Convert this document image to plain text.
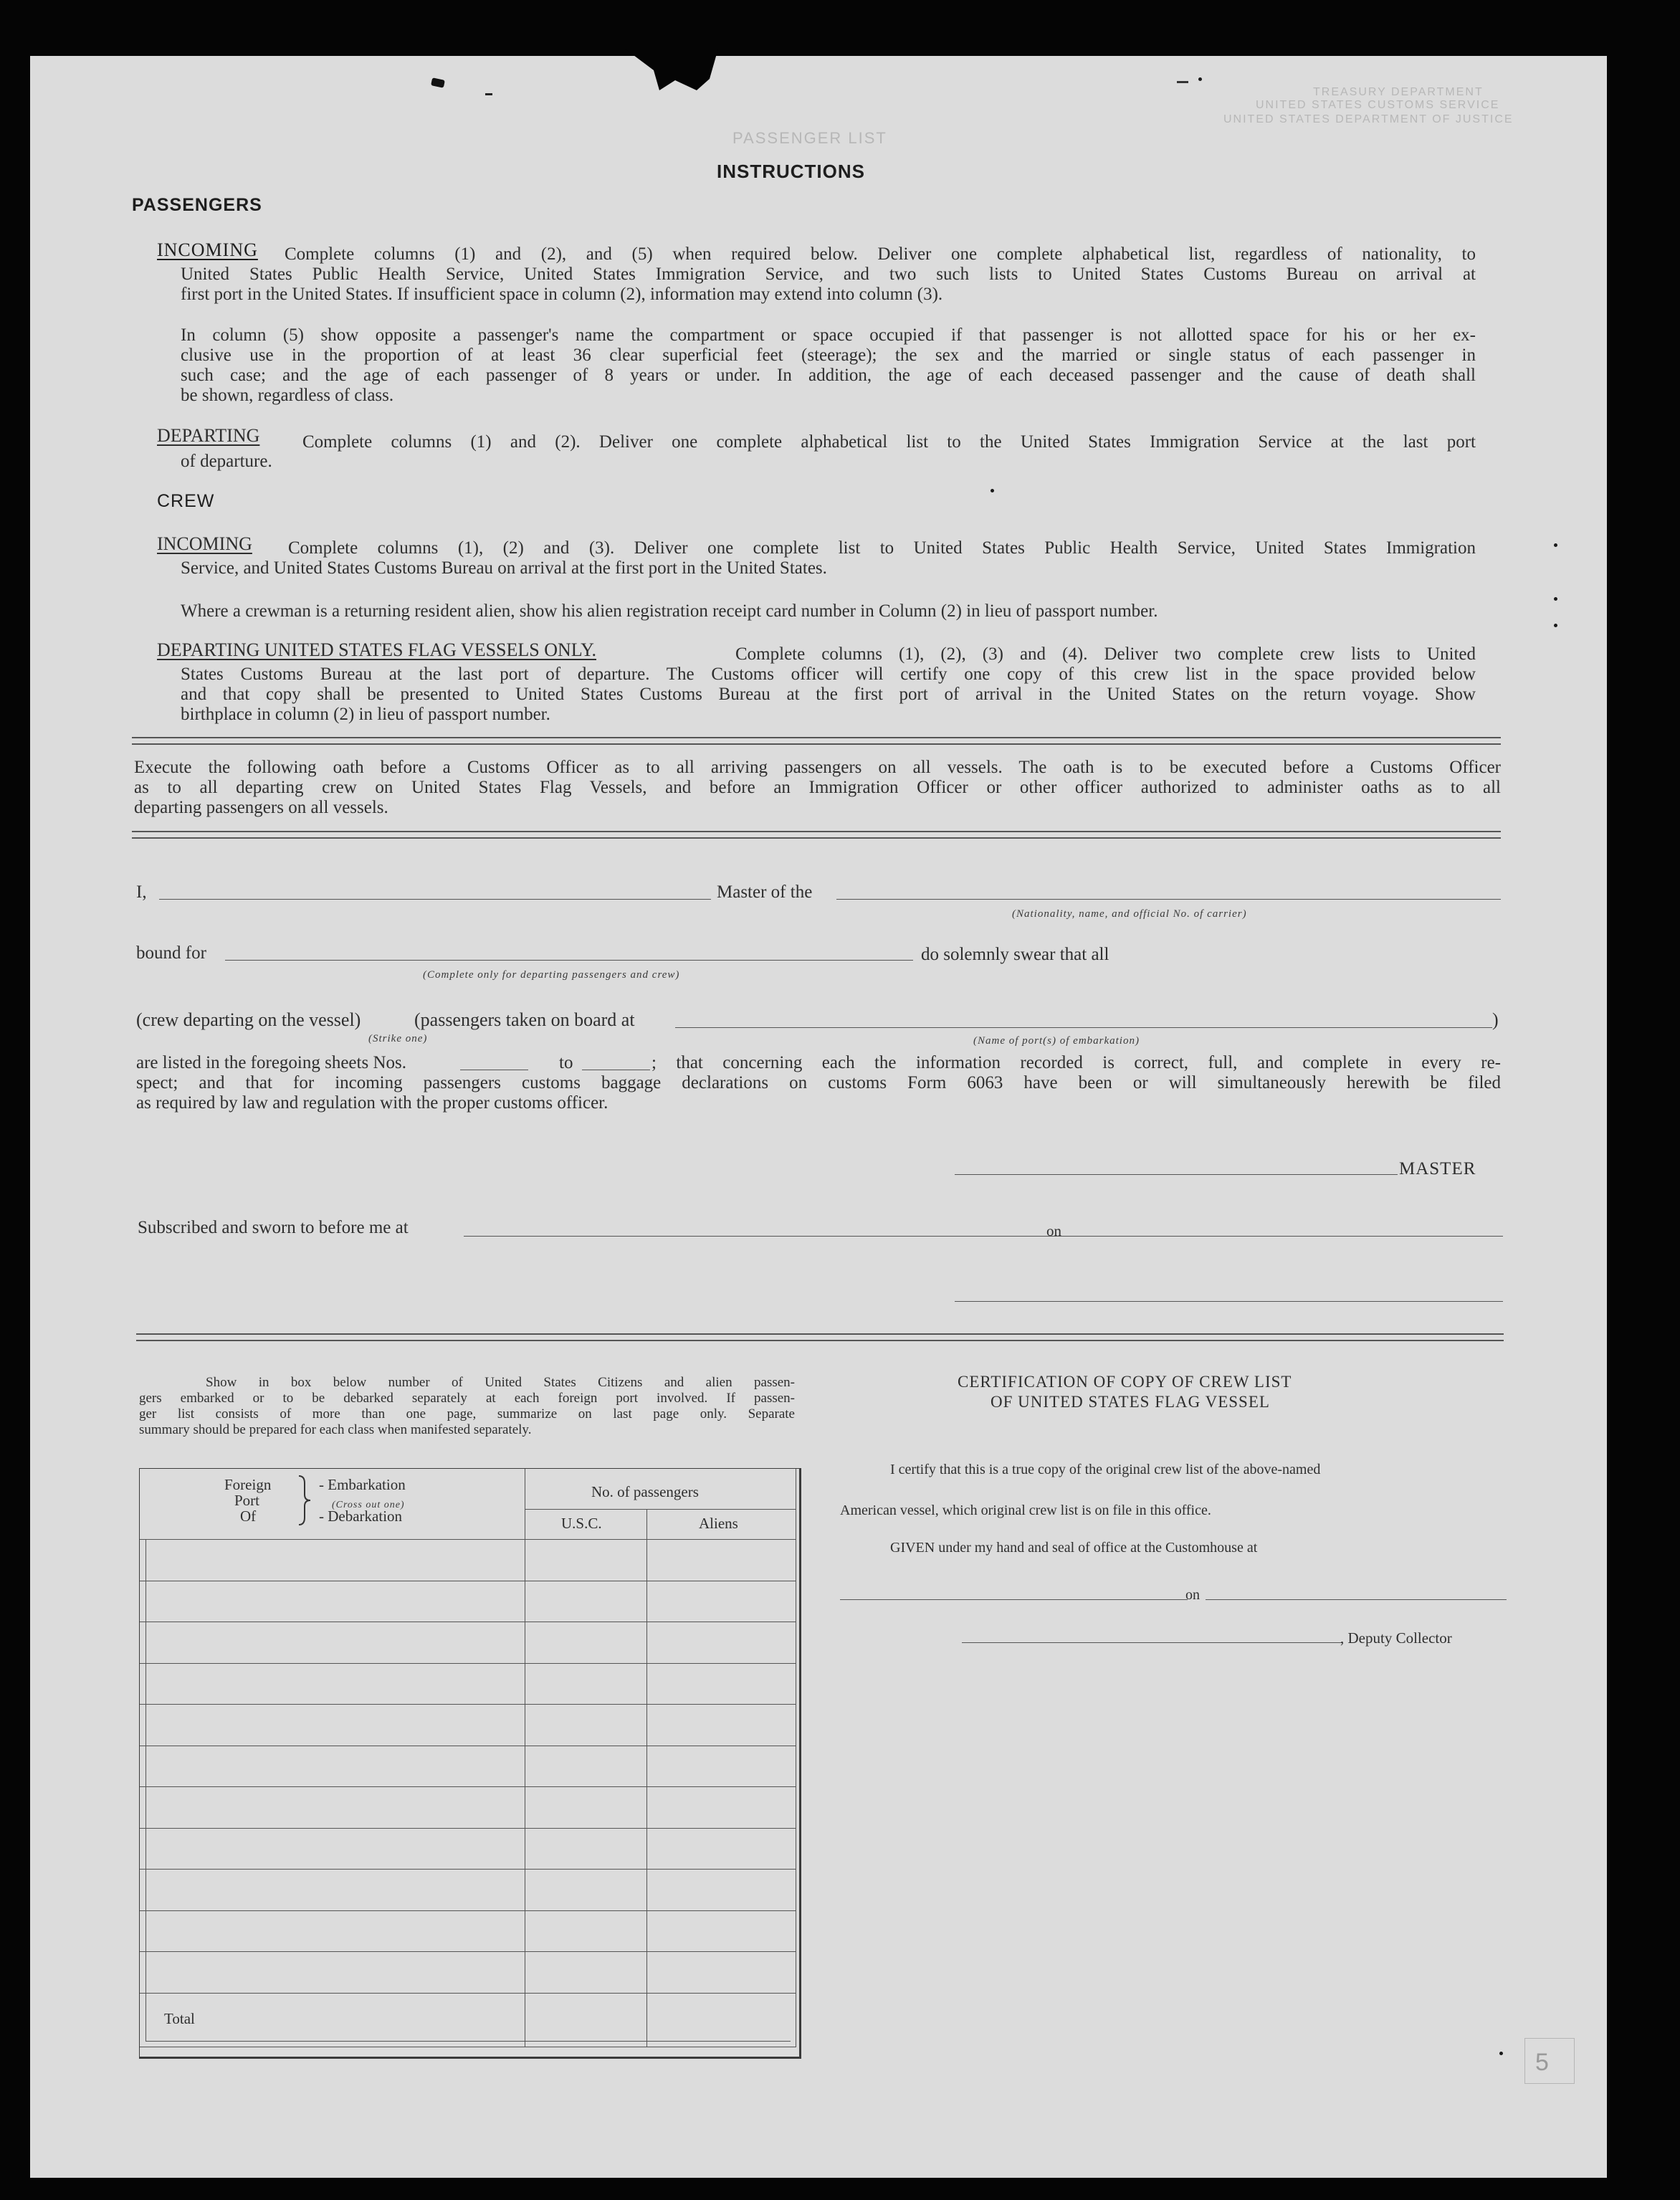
TREASURY DEPARTMENT
UNITED STATES CUSTOMS SERVICE
UNITED STATES DEPARTMENT OF JUSTICE
PASSENGER LIST
5
INSTRUCTIONS
PASSENGERS
INCOMING Complete columns (1) and (2), and (5) when required below. Deliver one complete alphabetical list, regardless of nationality, to
United States Public Health Service, United States Immigration Service, and two such lists to United States Customs Bureau on arrival at
first port in the United States. If insufficient space in column (2), information may extend into column (3).
In column (5) show opposite a passenger's name the compartment or space occupied if that passenger is not allotted space for his or her ex-
clusive use in the proportion of at least 36 clear superficial feet (steerage); the sex and the married or single status of each passenger in
such case; and the age of each passenger of 8 years or under. In addition, the age of each deceased passenger and the cause of death shall
be shown, regardless of class.
DEPARTING Complete columns (1) and (2). Deliver one complete alphabetical list to the United States Immigration Service at the last port
of departure.
CREW
INCOMING Complete columns (1), (2) and (3). Deliver one complete list to United States Public Health Service, United States Immigration
Service, and United States Customs Bureau on arrival at the first port in the United States.
Where a crewman is a returning resident alien, show his alien registration receipt card number in Column (2) in lieu of passport number.
DEPARTING UNITED STATES FLAG VESSELS ONLY.	Complete columns (1), (2), (3) and (4). Deliver two complete crew lists to United
States Customs Bureau at the last port of departure. The Customs officer will certify one copy of this crew list in the space provided below
and that copy shall be presented to United States Customs Bureau at the first port of arrival in the United States on the return voyage. Show
birthplace in column (2) in lieu of passport number.
Execute the following oath before a Customs Officer as to all arriving passengers on all vessels. The oath is to be executed before a Customs Officer
as to all departing crew on United States Flag Vessels, and before an Immigration Officer or other officer authorized to administer oaths as to all
departing passengers on all vessels.
I,	Master of the
(Nationality, name, and official No. of carrier)
bound for
(Complete only for departing passengers and crew)
do solemnly swear that all
(crew departing on the vessel)	(passengers taken on board at	)
(Strike one)	(Name of port(s) of embarkation)
are listed in the foregoing sheets Nos.	to	; that concerning each the information recorded is correct, full, and complete in every re-
spect; and that for incoming passengers customs baggage declarations on customs Form 6063 have been or will simultaneously herewith be filed
as required by law and regulation with the proper customs officer.
MASTER
Subscribed and sworn to before me at	on
Show in box below number of United States Citizens and alien passen-
gers embarked or to be debarked separately at each foreign port involved. If passen-
ger list consists of more than one page, summarize on last page only. Separate
summary should be prepared for each class when manifested separately.
Foreign
Port
Of
- Embarkation
(Cross out one)
- Debarkation
No. of passengers
U.S.C.	Aliens
Total
CERTIFICATION OF COPY OF CREW LIST
OF UNITED STATES FLAG VESSEL
I certify that this is a true copy of the original crew list of the above-named
American vessel, which original crew list is on file in this office.
GIVEN under my hand and seal of office at the Customhouse at
on
, Deputy Collector
